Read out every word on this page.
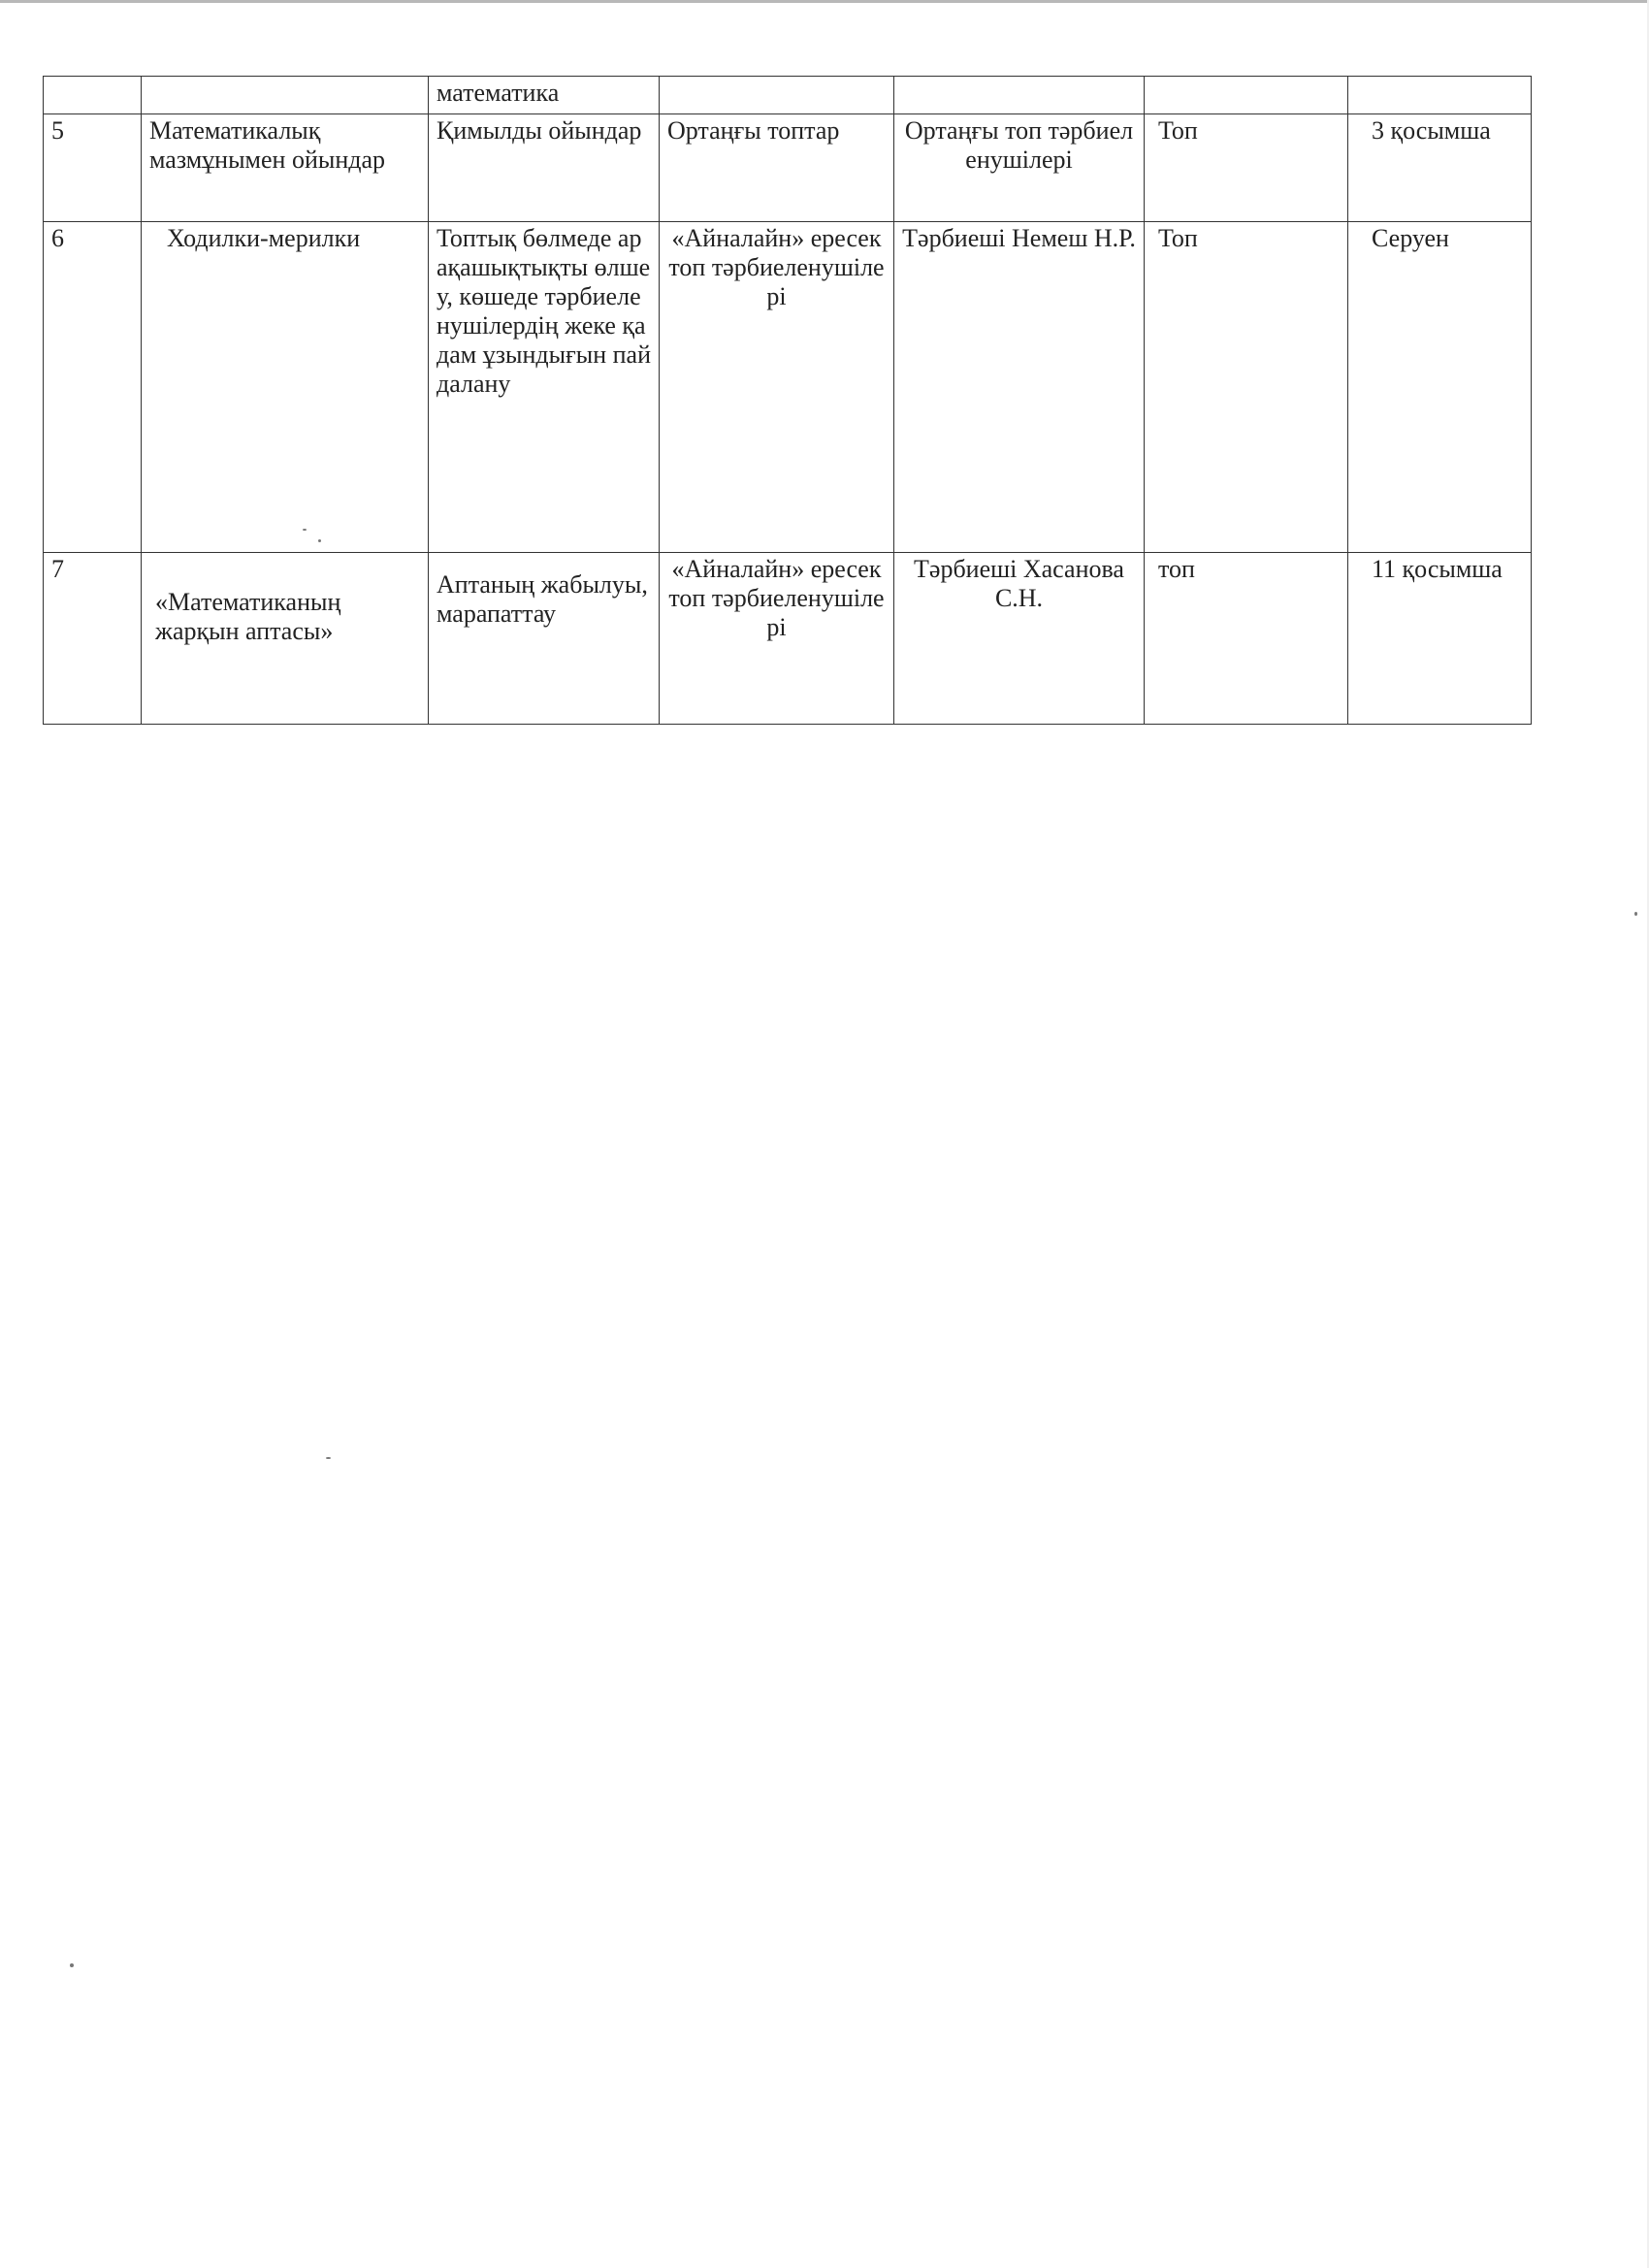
		математика				
5	Математикалық мазмұнымен ойындар	Қимылды ойындар	Ортаңғы топтар	Ортаңғы топ тәрбиеленушілері	Топ	3 қосымша
6	Ходилки-мерилки	Топтық бөлмеде арақашықтықты өлшеу, көшеде тәрбиеленушілердің жеке қадам ұзындығын пайдалану	«Айналайн» ересек топ тәрбиеленушілері	Тәрбиеші Немеш Н.Р.	Топ	Серуен
7	«Математиканың жарқын аптасы»	Аптаның жабылуы, марапаттау	«Айналайн» ересек топ тәрбиеленушілері	Тәрбиеші Хасанова С.Н.	топ	11 қосымша
